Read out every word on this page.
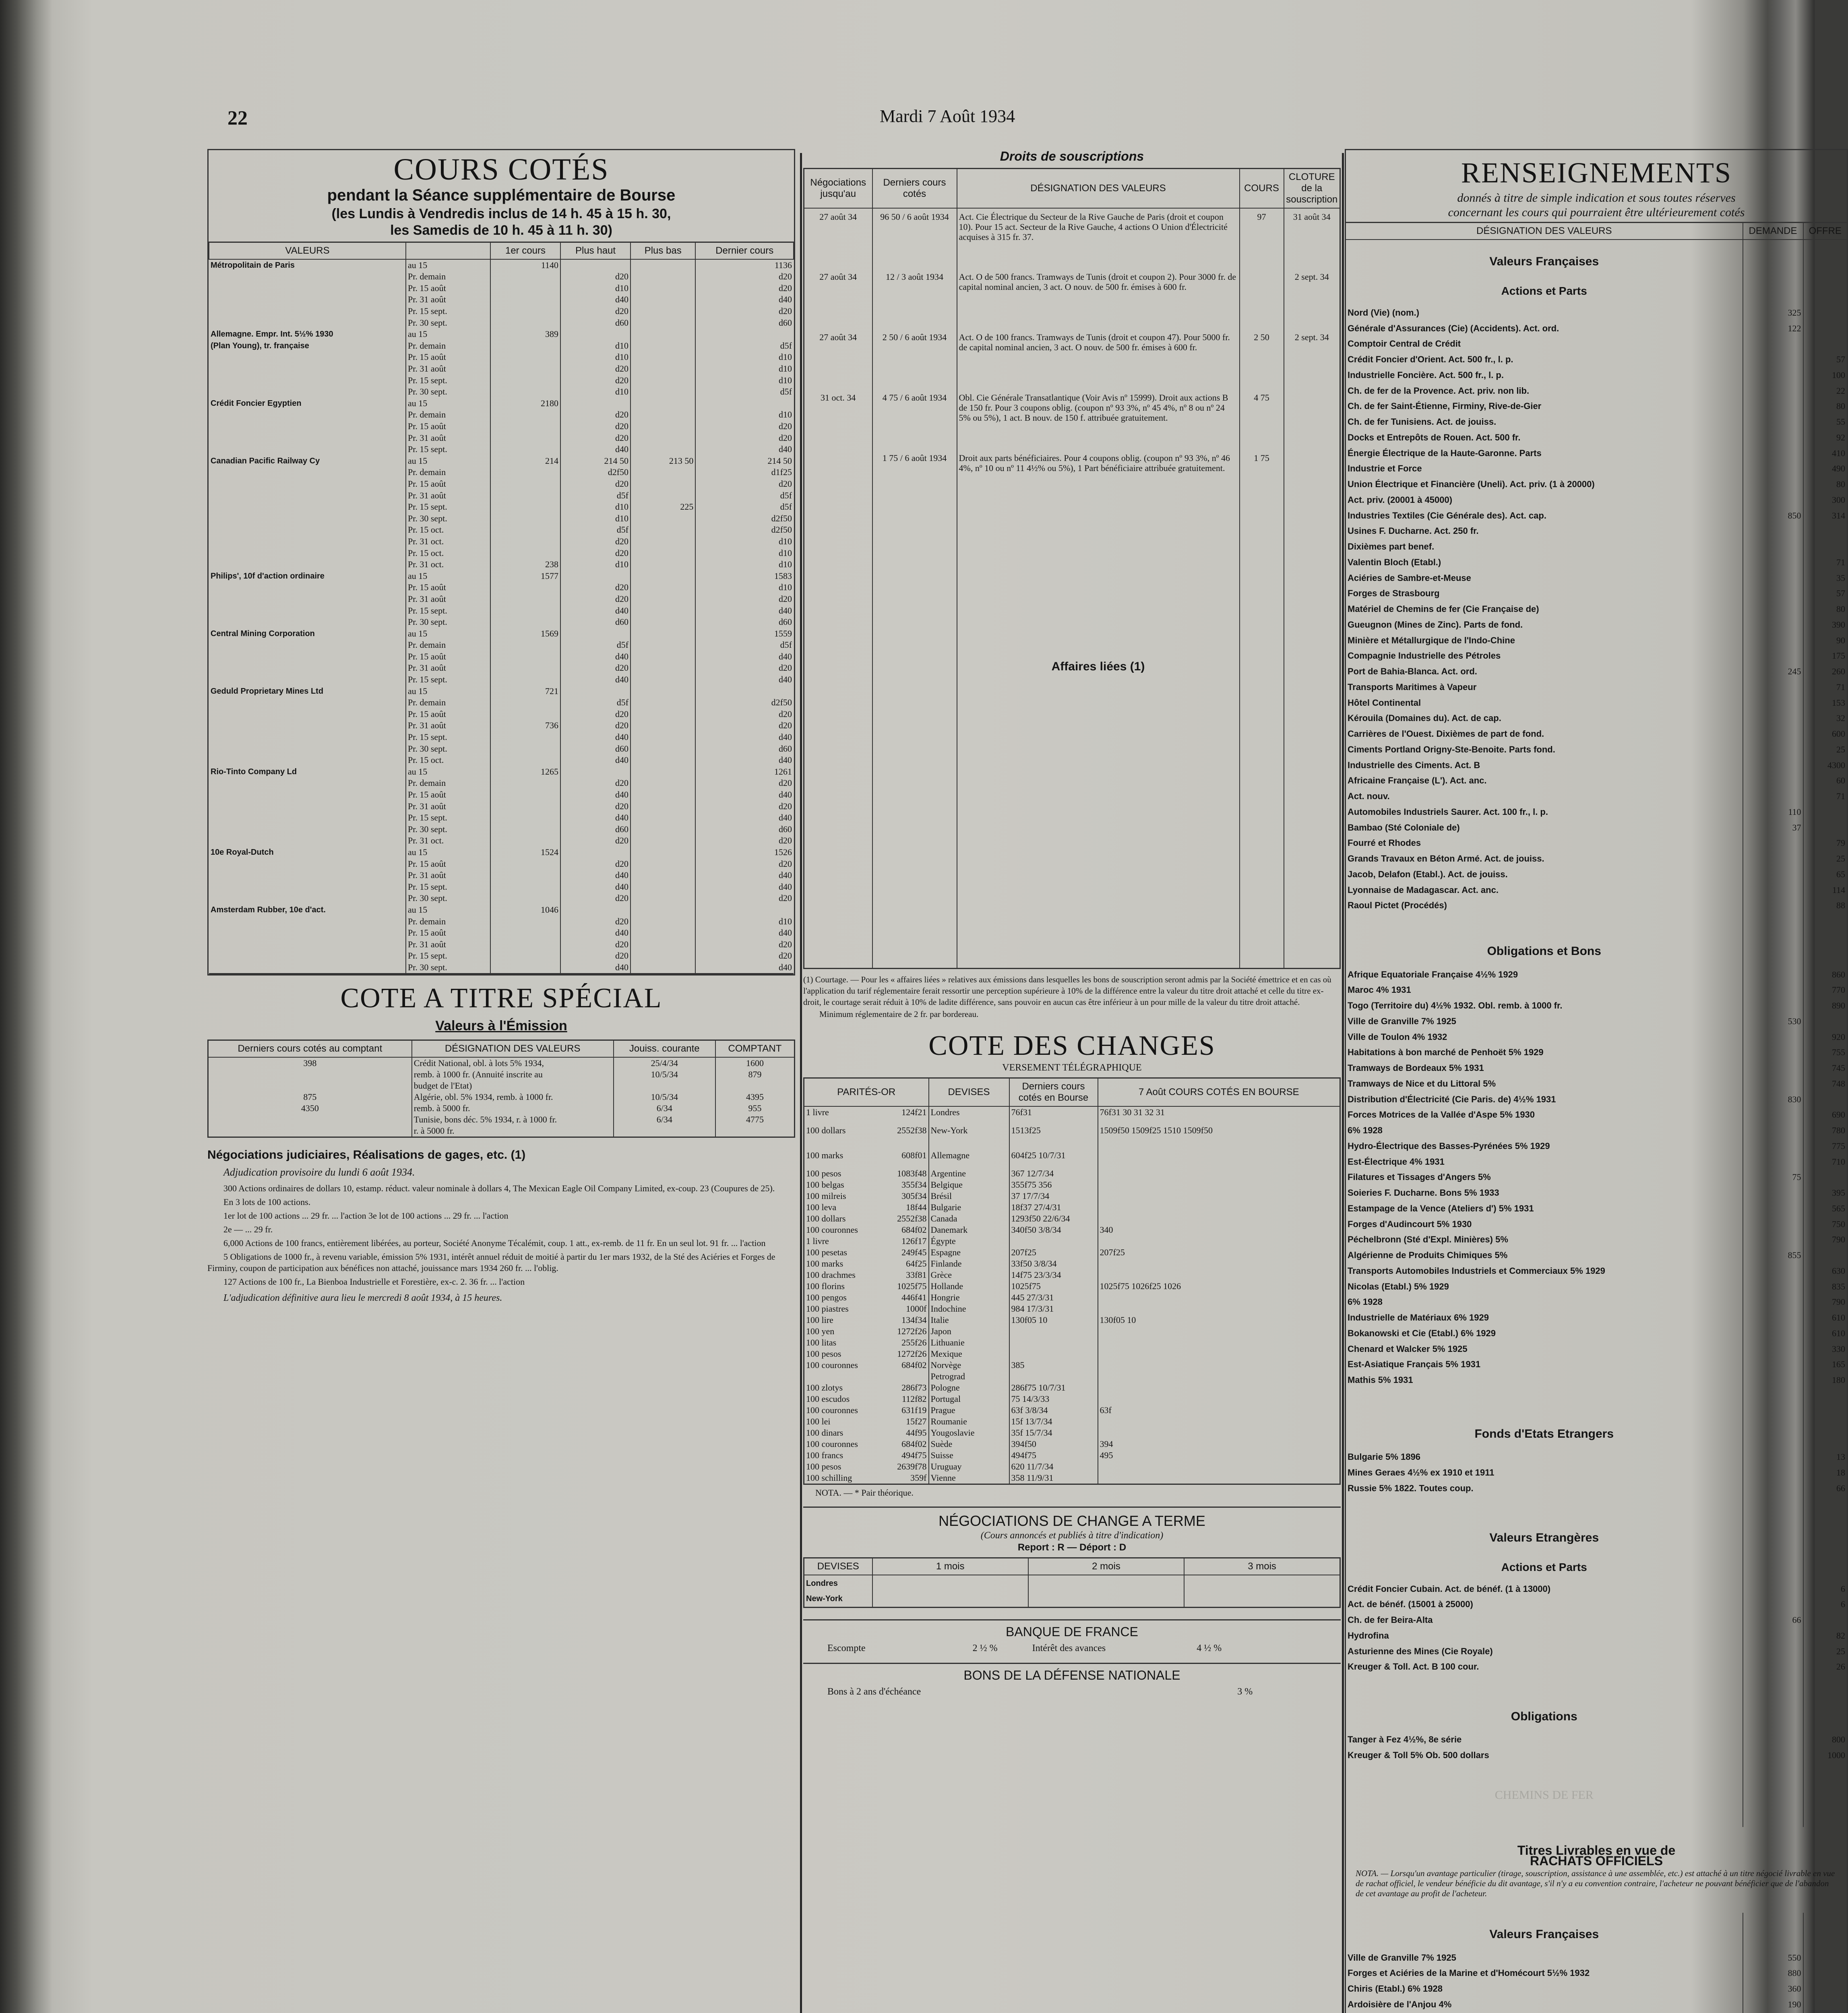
22	Mardi 7 Août 1934

COURS COTÉS

pendant la Séance supplémentaire de Bourse

(les Lundis à Vendredis inclus de 14 h. 45 à 15 h. 30,

les Samedis de 10 h. 45 à 11 h. 30)

VALEURS		1er cours	Plus haut	Plus bas	Dernier cours
Métropolitain de Paris	au 15	1140			1136
	Pr. demain		d20		d20
	Pr. 15 août		d10		d20
	Pr. 31 août		d40		d40
	Pr. 15 sept.		d20		d20
	Pr. 30 sept.		d60		d60
Allemagne. Empr. Int. 5½% 1930	au 15	389			
(Plan Young), tr. française	Pr. demain		d10		d5f
	Pr. 15 août		d10		d10
	Pr. 31 août		d20		d10
	Pr. 15 sept.		d20		d10
	Pr. 30 sept.		d10		d5f
Crédit Foncier Egyptien	au 15	2180			
	Pr. demain		d20		d10
	Pr. 15 août		d20		d20
	Pr. 31 août		d20		d20
	Pr. 15 sept.		d40		d40
Canadian Pacific Railway Cy	au 15	214	214 50	213 50	214 50
	Pr. demain		d2f50		d1f25
	Pr. 15 août		d20		d20
	Pr. 31 août		d5f		d5f
	Pr. 15 sept.		d10	225	d5f
	Pr. 30 sept.		d10		d2f50
	Pr. 15 oct.		d5f		d2f50
	Pr. 31 oct.		d20		d10
	Pr. 15 oct.		d20		d10
	Pr. 31 oct.	238	d10		d10
Philips', 10f d'action ordinaire	au 15	1577			1583
	Pr. 15 août		d20		d10
	Pr. 31 août		d20		d20
	Pr. 15 sept.		d40		d40
	Pr. 30 sept.		d60		d60
Central Mining Corporation	au 15	1569			1559
	Pr. demain		d5f		d5f
	Pr. 15 août		d40		d40
	Pr. 31 août		d20		d20
	Pr. 15 sept.		d40		d40
Geduld Proprietary Mines Ltd	au 15	721			
	Pr. demain		d5f		d2f50
	Pr. 15 août		d20		d20
	Pr. 31 août	736	d20		d20
	Pr. 15 sept.		d40		d40
	Pr. 30 sept.		d60		d60
	Pr. 15 oct.		d40		d40
Rio-Tinto Company Ld	au 15	1265			1261
	Pr. demain		d20		d20
	Pr. 15 août		d40		d40
	Pr. 31 août		d20		d20
	Pr. 15 sept.		d40		d40
	Pr. 30 sept.		d60		d60
	Pr. 31 oct.		d20		d20
10e Royal-Dutch	au 15	1524			1526
	Pr. 15 août		d20		d20
	Pr. 31 août		d40		d40
	Pr. 15 sept.		d40		d40
	Pr. 30 sept.		d20		d20
Amsterdam Rubber, 10e d'act.	au 15	1046			
	Pr. demain		d20		d10
	Pr. 15 août		d40		d40
	Pr. 31 août		d20		d20
	Pr. 15 sept.		d20		d20
	Pr. 30 sept.		d40		d40

COTE A TITRE SPÉCIAL

Valeurs à l'Émission

Derniers cours cotés au comptant	DÉSIGNATION DES VALEURS	Jouiss. courante	COMPTANT
398	Crédit National, obl. à lots 5% 1934,	25/4/34	1600
	remb. à 1000 fr. (Annuité inscrite au	10/5/34	879
	budget de l'Etat)		
875	Algérie, obl. 5% 1934, remb. à 1000 fr.	10/5/34	4395
4350	remb. à 5000 fr.	6/34	955
	Tunisie, bons déc. 5% 1934, r. à 1000 fr.	6/34	4775
	r. à 5000 fr.		

Négociations judiciaires, Réalisations de gages, etc. (1)

Adjudication provisoire du lundi 6 août 1934.

300 Actions ordinaires de dollars 10, estamp. réduct. valeur nominale à dollars 4, The Mexican Eagle Oil Company Limited, ex-coup. 23 (Coupures de 25).

En 3 lots de 100 actions.

1er lot de 100 actions ... 29 fr. ... l'action 3e lot de 100 actions ... 29 fr. ... l'action

2e — ... 29 fr.

6,000 Actions de 100 francs, entièrement libérées, au porteur, Société Anonyme Técalémit, coup. 1 att., ex-remb. de 11 fr. En un seul lot. 91 fr. ... l'action

5 Obligations de 1000 fr., à revenu variable, émission 5% 1931, intérêt annuel réduit de moitié à partir du 1er mars 1932, de la Sté des Aciéries et Forges de Firminy, coupon de participation aux bénéfices non attaché, jouissance mars 1934 260 fr. ... l'oblig.

127 Actions de 100 fr., La Bienboa Industrielle et Forestière, ex-c. 2. 36 fr. ... l'action

L'adjudication définitive aura lieu le mercredi 8 août 1934, à 15 heures.

Droits de souscriptions

Négociations jusqu'au	Derniers cours cotés	DÉSIGNATION DES VALEURS	COURS	CLOTURE de la souscription
27 août 34	96 50 / 6 août 1934	Act. Cie Électrique du Secteur de la Rive Gauche de Paris (droit et coupon 10). Pour 15 act. Secteur de la Rive Gauche, 4 actions O Union d'Électricité acquises à 315 fr. 37.	97	31 août 34
27 août 34	12 / 3 août 1934	Act. O de 500 francs. Tramways de Tunis (droit et coupon 2). Pour 3000 fr. de capital nominal ancien, 3 act. O nouv. de 500 fr. émises à 600 fr.		2 sept. 34
27 août 34	2 50 / 6 août 1934	Act. O de 100 francs. Tramways de Tunis (droit et coupon 47). Pour 5000 fr. de capital nominal ancien, 3 act. O nouv. de 500 fr. émises à 600 fr.	2 50	2 sept. 34
31 oct. 34	4 75 / 6 août 1934	Obl. Cie Générale Transatlantique (Voir Avis nº 15999). Droit aux actions B de 150 fr. Pour 3 coupons oblig. (coupon nº 93 3%, nº 45 4%, nº 8 ou nº 24 5% ou 5%), 1 act. B nouv. de 150 f. attribuée gratuitement.	4 75	
	1 75 / 6 août 1934	Droit aux parts bénéficiaires. Pour 4 coupons oblig. (coupon nº 93 3%, nº 46 4%, nº 10 ou nº 11 4½% ou 5%), 1 Part bénéficiaire attribuée gratuitement.	1 75	
		Affaires liées (1)		

(1) Courtage. — Pour les « affaires liées » relatives aux émissions dans lesquelles les bons de souscription seront admis par la Société émettrice et en cas où l'application du tarif réglementaire ferait ressortir une perception supérieure à 10% de la différence entre la valeur du titre droit attaché et celle du titre ex-droit, le courtage serait réduit à 10% de ladite différence, sans pouvoir en aucun cas être inférieur à un pour mille de la valeur du titre droit attaché.

Minimum réglementaire de 2 fr. par bordereau.

COTE DES CHANGES

VERSEMENT TÉLÉGRAPHIQUE

PARITÉS-OR	DEVISES	Derniers cours cotés en Bourse	7 Août COURS COTÉS EN BOURSE
1 livre 124f21	Londres	76f31	76f31 30 31 32 31
100 dollars 2552f38	New-York	1513f25	1509f50 1509f25 1510 1509f50
100 marks 608f01	Allemagne	604f25 10/7/31	
100 pesos 1083f48	Argentine	367 12/7/34	
100 belgas 355f34	Belgique	355f75 356	
100 milreis 305f34	Brésil	37 17/7/34	
100 leva 18f44	Bulgarie	18f37 27/4/31	
100 dollars 2552f38	Canada	1293f50 22/6/34	
100 couronnes 684f02	Danemark	340f50 3/8/34	340
1 livre 126f17	Égypte		
100 pesetas 249f45	Espagne	207f25	207f25
100 marks 64f25	Finlande	33f50 3/8/34	
100 drachmes 33f81	Grèce	14f75 23/3/34	
100 florins 1025f75	Hollande	1025f75	1025f75 1026f25 1026
100 pengos 446f41	Hongrie	445 27/3/31	
100 piastres 1000f	Indochine	984 17/3/31	
100 lire 134f34	Italie	130f05 10	130f05 10
100 yen 1272f26	Japon		
100 litas 255f26	Lithuanie		
100 pesos 1272f26	Mexique		
100 couronnes 684f02	Norvège	385	

	Petrograd		
100 zlotys 286f73	Pologne	286f75 10/7/31	
100 escudos 112f82	Portugal	75 14/3/33	
100 couronnes 631f19	Prague	63f 3/8/34	63f
100 lei 15f27	Roumanie	15f 13/7/34	
100 dinars 44f95	Yougoslavie	35f 15/7/34	
100 couronnes 684f02	Suède	394f50	394
100 francs 494f75	Suisse	494f75	495
100 pesos 2639f78	Uruguay	620 11/7/34	
100 schilling 359f	Vienne	358 11/9/31	

NOTA. — * Pair théorique.

NÉGOCIATIONS DE CHANGE A TERME

(Cours annoncés et publiés à titre d'indication)

Report : R — Déport : D

DEVISES	1 mois	2 mois	3 mois
Londres			
New-York			

BANQUE DE FRANCE

Escompte	2 ½ %	Intérêt des avances	4 ½ %

BONS DE LA DÉFENSE NATIONALE

Bons à 2 ans d'échéance	3 %

RENSEIGNEMENTS

donnés à titre de simple indication et sous toutes réserves

concernant les cours qui pourraient être ultérieurement cotés

DÉSIGNATION DES VALEURS	DEMANDE	OFFRE
Valeurs Françaises		
Actions et Parts		
Nord (Vie) (nom.)	325	
Générale d'Assurances (Cie) (Accidents). Act. ord.	122	
Comptoir Central de Crédit		
Crédit Foncier d'Orient. Act. 500 fr., l. p.		57
Industrielle Foncière. Act. 500 fr., l. p.		100
Ch. de fer de la Provence. Act. priv. non lib.		22
Ch. de fer Saint-Étienne, Firminy, Rive-de-Gier		80
Ch. de fer Tunisiens. Act. de jouiss.		55
Docks et Entrepôts de Rouen. Act. 500 fr.		92
Énergie Électrique de la Haute-Garonne. Parts		410
Industrie et Force		490
Union Électrique et Financière (Uneli). Act. priv. (1 à 20000)		80
Act. priv. (20001 à 45000)		300
Industries Textiles (Cie Générale des). Act. cap.	850	314
Usines F. Ducharne. Act. 250 fr.		
Dixièmes part benef.		
Valentin Bloch (Etabl.)		71
Aciéries de Sambre-et-Meuse		35
Forges de Strasbourg		57
Matériel de Chemins de fer (Cie Française de)		80
Gueugnon (Mines de Zinc). Parts de fond.		390
Minière et Métallurgique de l'Indo-Chine		90
Compagnie Industrielle des Pétroles		175
Port de Bahia-Blanca. Act. ord.	245	260
Transports Maritimes à Vapeur		71
Hôtel Continental		153
Kérouila (Domaines du). Act. de cap.		32
Carrières de l'Ouest. Dixièmes de part de fond.		600
Ciments Portland Origny-Ste-Benoite. Parts fond.		25
Industrielle des Ciments. Act. B		4300
Africaine Française (L'). Act. anc.		60
Act. nouv.		71
Automobiles Industriels Saurer. Act. 100 fr., l. p.	110	
Bambao (Sté Coloniale de)	37	
Fourré et Rhodes		79
Grands Travaux en Béton Armé. Act. de jouiss.		25
Jacob, Delafon (Etabl.). Act. de jouiss.		65
Lyonnaise de Madagascar. Act. anc.		114
Raoul Pictet (Procédés)		88

Obligations et Bons		
Afrique Equatoriale Française 4½% 1929		860
Maroc 4% 1931		770
Togo (Territoire du) 4½% 1932. Obl. remb. à 1000 fr.		890
Ville de Granville 7% 1925	530	
Ville de Toulon 4% 1932		920
Habitations à bon marché de Penhoët 5% 1929		755
Tramways de Bordeaux 5% 1931		745
Tramways de Nice et du Littoral 5%		748
Distribution d'Électricité (Cie Paris. de) 4½% 1931	830	
Forces Motrices de la Vallée d'Aspe 5% 1930		690
6% 1928		780
Hydro-Électrique des Basses-Pyrénées 5% 1929		775
Est-Électrique 4% 1931		710
Filatures et Tissages d'Angers 5%	75	
Soieries F. Ducharne. Bons 5% 1933		395
Estampage de la Vence (Ateliers d') 5% 1931		565
Forges d'Audincourt 5% 1930		750
Péchelbronn (Sté d'Expl. Minières) 5%		790
Algérienne de Produits Chimiques 5%	855	
Transports Automobiles Industriels et Commerciaux 5% 1929		630
Nicolas (Etabl.) 5% 1929		835
6% 1928		790
Industrielle de Matériaux 6% 1929		610
Bokanowski et Cie (Etabl.) 6% 1929		610
Chenard et Walcker 5% 1925		330
Est-Asiatique Français 5% 1931		165
Mathis 5% 1931		180

Fonds d'Etats Etrangers		
Bulgarie 5% 1896		13
Mines Geraes 4½% ex 1910 et 1911		18
Russie 5% 1822. Toutes coup.		66

Valeurs Etrangères		
Actions et Parts		
Crédit Foncier Cubain. Act. de bénéf. (1 à 13000)		6
Act. de bénéf. (15001 à 25000)		6
Ch. de fer Beira-Alta	66	
Hydrofina		82
Asturienne des Mines (Cie Royale)		25
Kreuger & Toll. Act. B 100 cour.		26

Obligations		
Tanger à Fez 4½%, 8e série		800
Kreuger & Toll 5% Ob. 500 dollars		1000
CHEMINS DE FER		

Titres Livrables en vue de
RACHATS OFFICIELS
NOTA. — Lorsqu'un avantage particulier (tirage, souscription, assistance à une assemblée, etc.) est attaché à un titre négocié livrable en vue de rachat officiel, le vendeur bénéficie du dit avantage, s'il n'y a eu convention contraire, l'acheteur ne pouvant bénéficier que de l'abandon de cet avantage au profit de l'acheteur.		

Valeurs Françaises		
Ville de Granville 7% 1925	550	
Forges et Aciéries de la Marine et d'Homécourt 5½% 1932	880	
Chiris (Etabl.) 6% 1928	360	
Ardoisière de l'Anjou 4%	190	
